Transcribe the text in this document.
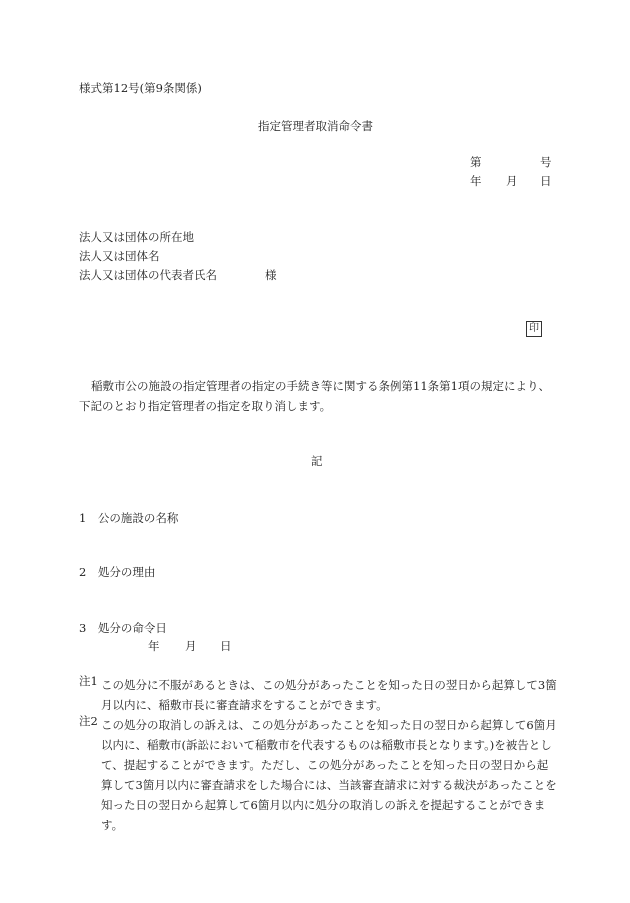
様式第12号(第9条関係)
指定管理者取消命令書
第	号
年 月 日
法人又は団体の所在地
法人又は団体名
法人又は団体の代表者氏名	様
印
稲敷市公の施設の指定管理者の指定の手続き等に関する条例第11条第1項の規定により、下記のとおり指定管理者の指定を取り消します。
記
1　公の施設の名称
2　処分の理由
3　処分の命令日
年 月 日
注1 この処分に不服があるときは、この処分があったことを知った日の翌日から起算して3箇月以内に、稲敷市長に審査請求をすることができます。
注2 この処分の取消しの訴えは、この処分があったことを知った日の翌日から起算して6箇月以内に、稲敷市(訴訟において稲敷市を代表するものは稲敷市長となります。)を被告として、提起することができます。ただし、この処分があったことを知った日の翌日から起算して3箇月以内に審査請求をした場合には、当該審査請求に対する裁決があったことを知った日の翌日から起算して6箇月以内に処分の取消しの訴えを提起することができます。
